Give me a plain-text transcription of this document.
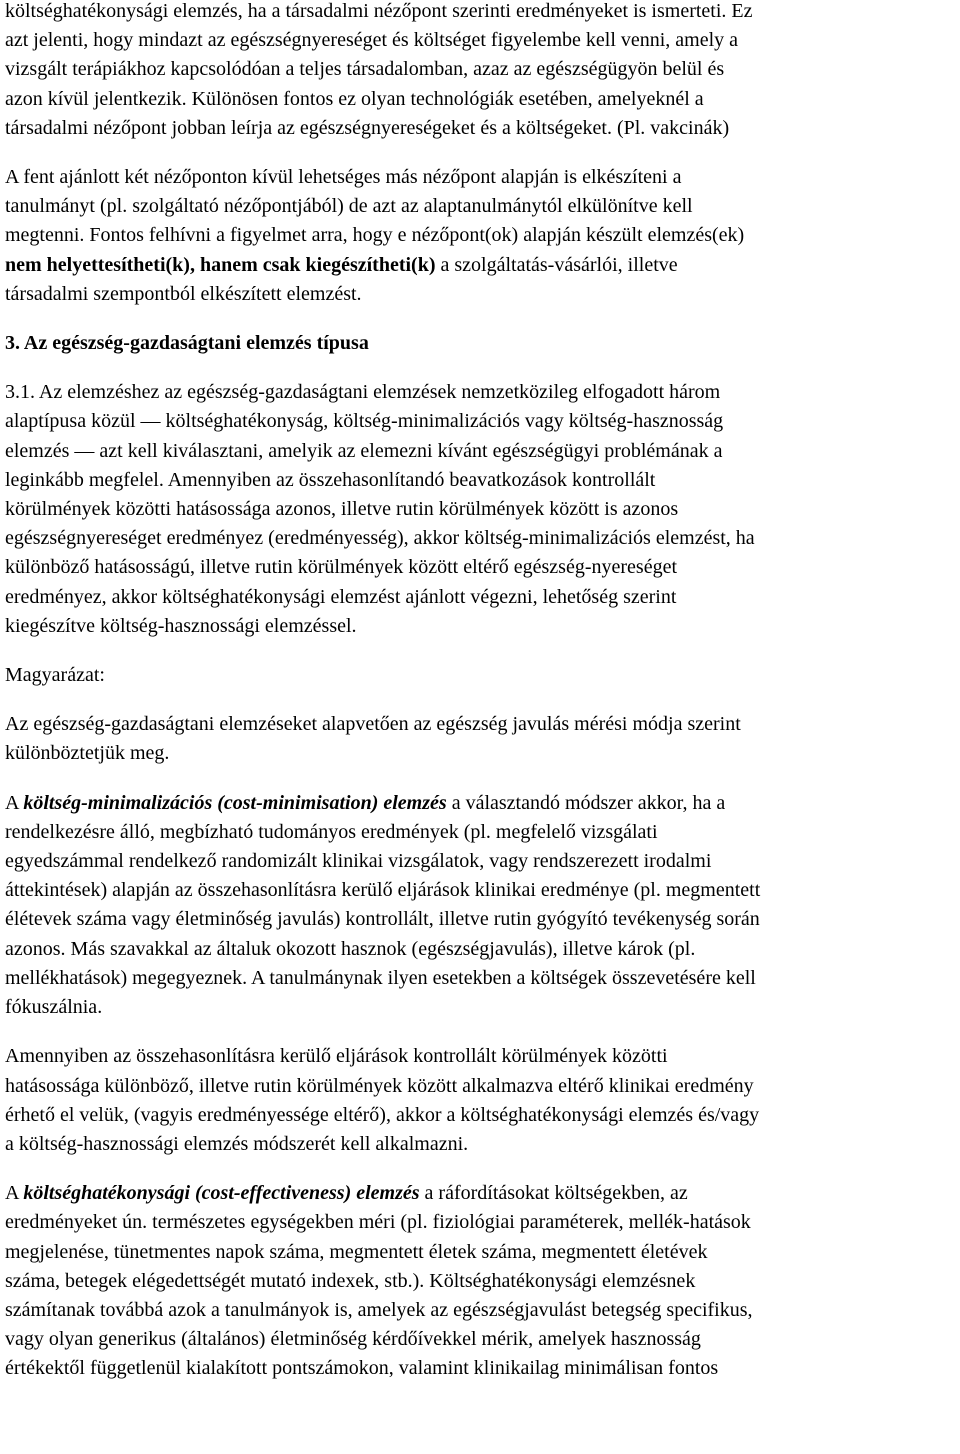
költséghatékonysági elemzés, ha a társadalmi nézőpont szerinti eredményeket is ismerteti. Ez
azt jelenti, hogy mindazt az egészségnyereséget és költséget figyelembe kell venni, amely a
vizsgált terápiákhoz kapcsolódóan a teljes társadalomban, azaz az egészségügyön belül és
azon kívül jelentkezik. Különösen fontos ez olyan technológiák esetében, amelyeknél a
társadalmi nézőpont jobban leírja az egészségnyereségeket és a költségeket. (Pl. vakcinák)

A fent ajánlott két nézőponton kívül lehetséges más nézőpont alapján is elkészíteni a
tanulmányt (pl. szolgáltató nézőpontjából) de azt az alaptanulmánytól elkülönítve kell
megtenni. Fontos felhívni a figyelmet arra, hogy e nézőpont(ok) alapján készült elemzés(ek)
nem helyettesítheti(k), hanem csak kiegészítheti(k) a szolgáltatás-vásárlói, illetve
társadalmi szempontból elkészített elemzést.

3. Az egészség-gazdaságtani elemzés típusa

3.1. Az elemzéshez az egészség-gazdaságtani elemzések nemzetközileg elfogadott három
alaptípusa közül — költséghatékonyság, költség-minimalizációs vagy költség-hasznosság
elemzés — azt kell kiválasztani, amelyik az elemezni kívánt egészségügyi problémának a
leginkább megfelel. Amennyiben az összehasonlítandó beavatkozások kontrollált
körülmények közötti hatásossága azonos, illetve rutin körülmények között is azonos
egészségnyereséget eredményez (eredményesség), akkor költség-minimalizációs elemzést, ha
különböző hatásosságú, illetve rutin körülmények között eltérő egészség-nyereséget
eredményez, akkor költséghatékonysági elemzést ajánlott végezni, lehetőség szerint
kiegészítve költség-hasznossági elemzéssel.

Magyarázat:

Az egészség-gazdaságtani elemzéseket alapvetően az egészség javulás mérési módja szerint
különböztetjük meg.

A költség-minimalizációs (cost-minimisation) elemzés a választandó módszer akkor, ha a
rendelkezésre álló, megbízható tudományos eredmények (pl. megfelelő vizsgálati
egyedszámmal rendelkező randomizált klinikai vizsgálatok, vagy rendszerezett irodalmi
áttekintések) alapján az összehasonlításra kerülő eljárások klinikai eredménye (pl. megmentett
élétevek száma vagy életminőség javulás) kontrollált, illetve rutin gyógyító tevékenység során
azonos. Más szavakkal az általuk okozott hasznok (egészségjavulás), illetve károk (pl.
mellékhatások) megegyeznek. A tanulmánynak ilyen esetekben a költségek összevetésére kell
fókuszálnia.

Amennyiben az összehasonlításra kerülő eljárások kontrollált körülmények közötti
hatásossága különböző, illetve rutin körülmények között alkalmazva eltérő klinikai eredmény
érhető el velük, (vagyis eredményessége eltérő), akkor a költséghatékonysági elemzés és/vagy
a költség-hasznossági elemzés módszerét kell alkalmazni.

A költséghatékonysági (cost-effectiveness) elemzés a ráfordításokat költségekben, az
eredményeket ún. természetes egységekben méri (pl. fiziológiai paraméterek, mellék-hatások
megjelenése, tünetmentes napok száma, megmentett életek száma, megmentett életévek
száma, betegek elégedettségét mutató indexek, stb.). Költséghatékonysági elemzésnek
számítanak továbbá azok a tanulmányok is, amelyek az egészségjavulást betegség specifikus,
vagy olyan generikus (általános) életminőség kérdőívekkel mérik, amelyek hasznosság
értékektől függetlenül kialakított pontszámokon, valamint klinikailag minimálisan fontos
